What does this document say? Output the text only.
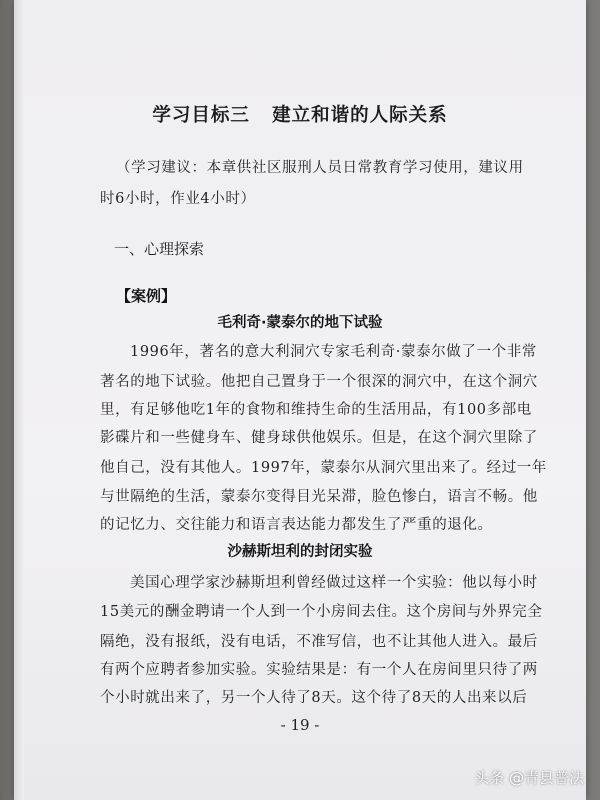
学习目标三   建立和谐的人际关系
（学习建议：本章供社区服刑人员日常教育学习使用，建议用
时6小时，作业4小时）
一、心理探索
【案例】
毛利奇·蒙泰尔的地下试验
1996年，著名的意大利洞穴专家毛利奇·蒙泰尔做了一个非常
著名的地下试验。他把自己置身于一个很深的洞穴中，在这个洞穴
里，有足够他吃1年的食物和维持生命的生活用品，有100多部电
影碟片和一些健身车、健身球供他娱乐。但是，在这个洞穴里除了
他自己，没有其他人。1997年，蒙泰尔从洞穴里出来了。经过一年
与世隔绝的生活，蒙泰尔变得目光呆滞，脸色惨白，语言不畅。他
的记忆力、交往能力和语言表达能力都发生了严重的退化。
沙赫斯坦利的封闭实验
美国心理学家沙赫斯坦利曾经做过这样一个实验：他以每小时
15美元的酬金聘请一个人到一个小房间去住。这个房间与外界完全
隔绝，没有报纸，没有电话，不准写信，也不让其他人进入。最后
有两个应聘者参加实验。实验结果是：有一个人在房间里只待了两
个小时就出来了，另一个人待了8天。这个待了8天的人出来以后
- 19 -
头条 @青县普法
